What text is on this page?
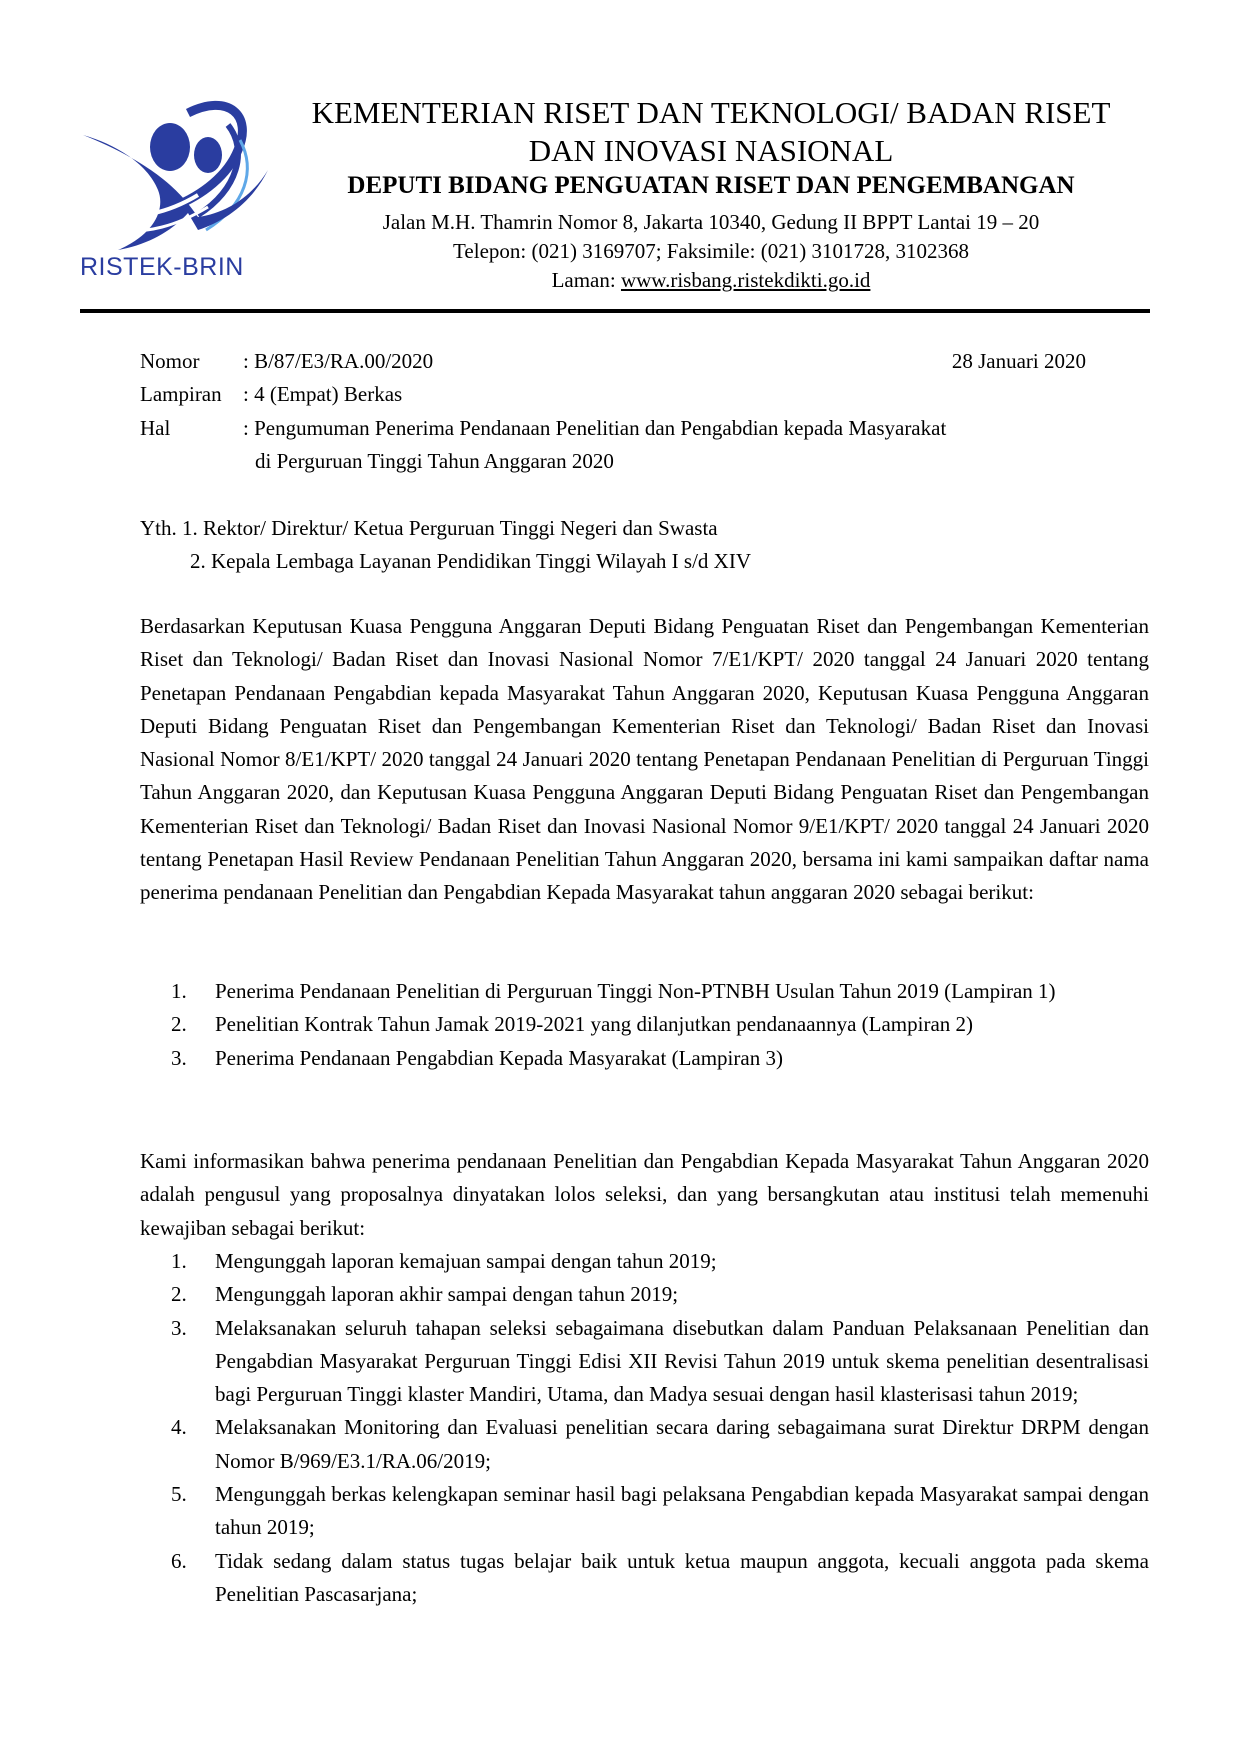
RISTEK-BRIN
KEMENTERIAN RISET DAN TEKNOLOGI/ BADAN RISET
DAN INOVASI NASIONAL
DEPUTI BIDANG PENGUATAN RISET DAN PENGEMBANGAN
Jalan M.H. Thamrin Nomor 8, Jakarta 10340, Gedung II BPPT Lantai 19 – 20
Telepon: (021) 3169707; Faksimile: (021) 3101728, 3102368
Laman: www.risbang.ristekdikti.go.id
Nomor : B/87/E3/RA.00/2020	28 Januari 2020
Lampiran : 4 (Empat) Berkas
Hal	: Pengumuman Penerima Pendanaan Penelitian dan Pengabdian kepada Masyarakat
di Perguruan Tinggi Tahun Anggaran 2020
Yth. 1. Rektor/ Direktur/ Ketua Perguruan Tinggi Negeri dan Swasta
2. Kepala Lembaga Layanan Pendidikan Tinggi Wilayah I s/d XIV
Berdasarkan Keputusan Kuasa Pengguna Anggaran Deputi Bidang Penguatan Riset dan Pengembangan Kementerian Riset dan Teknologi/ Badan Riset dan Inovasi Nasional Nomor 7/E1/KPT/ 2020 tanggal 24 Januari 2020 tentang Penetapan Pendanaan Pengabdian kepada Masyarakat Tahun Anggaran 2020, Keputusan Kuasa Pengguna Anggaran Deputi Bidang Penguatan Riset dan Pengembangan Kementerian Riset dan Teknologi/ Badan Riset dan Inovasi Nasional Nomor 8/E1/KPT/ 2020 tanggal 24 Januari 2020 tentang Penetapan Pendanaan Penelitian di Perguruan Tinggi Tahun Anggaran 2020, dan Keputusan Kuasa Pengguna Anggaran Deputi Bidang Penguatan Riset dan Pengembangan Kementerian Riset dan Teknologi/ Badan Riset dan Inovasi Nasional Nomor 9/E1/KPT/ 2020 tanggal 24 Januari 2020 tentang Penetapan Hasil Review Pendanaan Penelitian Tahun Anggaran 2020, bersama ini kami sampaikan daftar nama penerima pendanaan Penelitian dan Pengabdian Kepada Masyarakat tahun anggaran 2020 sebagai berikut:
1. Penerima Pendanaan Penelitian di Perguruan Tinggi Non-PTNBH Usulan Tahun 2019 (Lampiran 1)
2. Penelitian Kontrak Tahun Jamak 2019-2021 yang dilanjutkan pendanaannya (Lampiran 2)
3. Penerima Pendanaan Pengabdian Kepada Masyarakat (Lampiran 3)
Kami informasikan bahwa penerima pendanaan Penelitian dan Pengabdian Kepada Masyarakat Tahun Anggaran 2020 adalah pengusul yang proposalnya dinyatakan lolos seleksi, dan yang bersangkutan atau institusi telah memenuhi kewajiban sebagai berikut:
1. Mengunggah laporan kemajuan sampai dengan tahun 2019;
2. Mengunggah laporan akhir sampai dengan tahun 2019;
3. Melaksanakan seluruh tahapan seleksi sebagaimana disebutkan dalam Panduan Pelaksanaan Penelitian dan Pengabdian Masyarakat Perguruan Tinggi Edisi XII Revisi Tahun 2019 untuk skema penelitian desentralisasi bagi Perguruan Tinggi klaster Mandiri, Utama, dan Madya sesuai dengan hasil klasterisasi tahun 2019;
4. Melaksanakan Monitoring dan Evaluasi penelitian secara daring sebagaimana surat Direktur DRPM dengan Nomor B/969/E3.1/RA.06/2019;
5. Mengunggah berkas kelengkapan seminar hasil bagi pelaksana Pengabdian kepada Masyarakat sampai dengan tahun 2019;
6. Tidak sedang dalam status tugas belajar baik untuk ketua maupun anggota, kecuali anggota pada skema Penelitian Pascasarjana;
